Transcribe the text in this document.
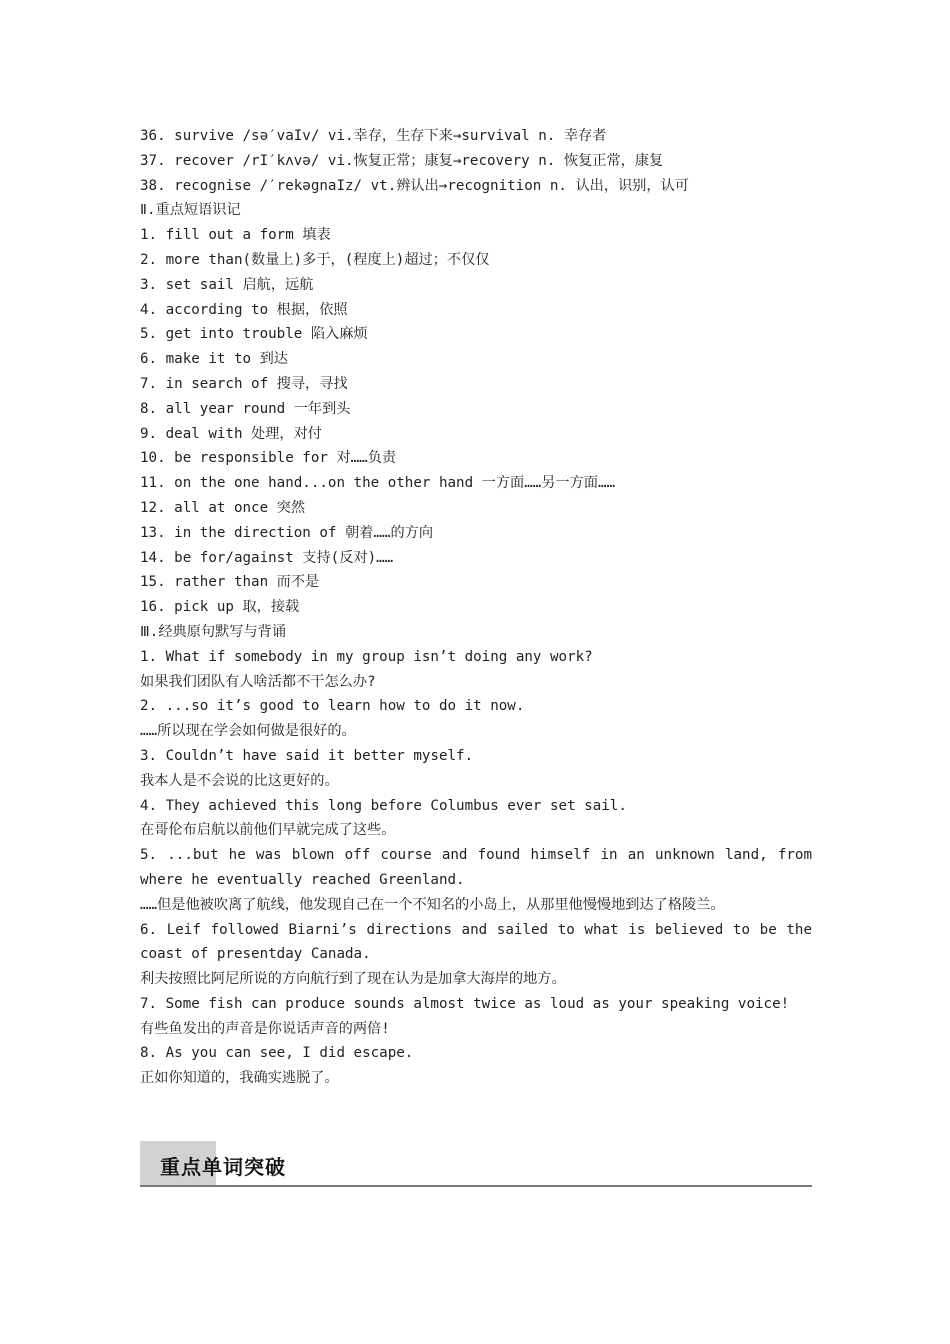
36. survive /sə′vaIv/ vi.幸存，生存下来→survival n. 幸存者
37. recover /rI′kʌvə/ vi.恢复正常；康复→recovery n. 恢复正常，康复
38. recognise /′rekəgnaIz/ vt.辨认出→recognition n. 认出，识别，认可
Ⅱ.重点短语识记
1. fill out a form 填表
2. more than(数量上)多于，(程度上)超过；不仅仅
3. set sail 启航，远航
4. according to 根据，依照
5. get into trouble 陷入麻烦
6. make it to 到达
7. in search of 搜寻，寻找
8. all year round 一年到头
9. deal with 处理，对付
10. be responsible for 对……负责
11. on the one hand...on the other hand 一方面……另一方面……
12. all at once 突然
13. in the direction of 朝着……的方向
14. be for/against 支持(反对)……
15. rather than 而不是
16. pick up 取，接载
Ⅲ.经典原句默写与背诵
1. What if somebody in my group isn’t doing any work?
如果我们团队有人啥活都不干怎么办?
2. ...so it’s good to learn how to do it now.
……所以现在学会如何做是很好的。
3. Couldn’t have said it better myself.
我本人是不会说的比这更好的。
4. They achieved this long before Columbus ever set sail.
在哥伦布启航以前他们早就完成了这些。
5. ...but he was blown off course and found himself in an unknown land, from where he eventually reached Greenland.
……但是他被吹离了航线，他发现自己在一个不知名的小岛上，从那里他慢慢地到达了格陵兰。
6. Leif followed Biarni’s directions and sailed to what is believed to be the coast of presentday Canada.
利夫按照比阿尼所说的方向航行到了现在认为是加拿大海岸的地方。
7. Some fish can produce sounds almost twice as loud as your speaking voice!
有些鱼发出的声音是你说话声音的两倍!
8. As you can see, I did escape.
正如你知道的，我确实逃脱了。
重点单词突破
